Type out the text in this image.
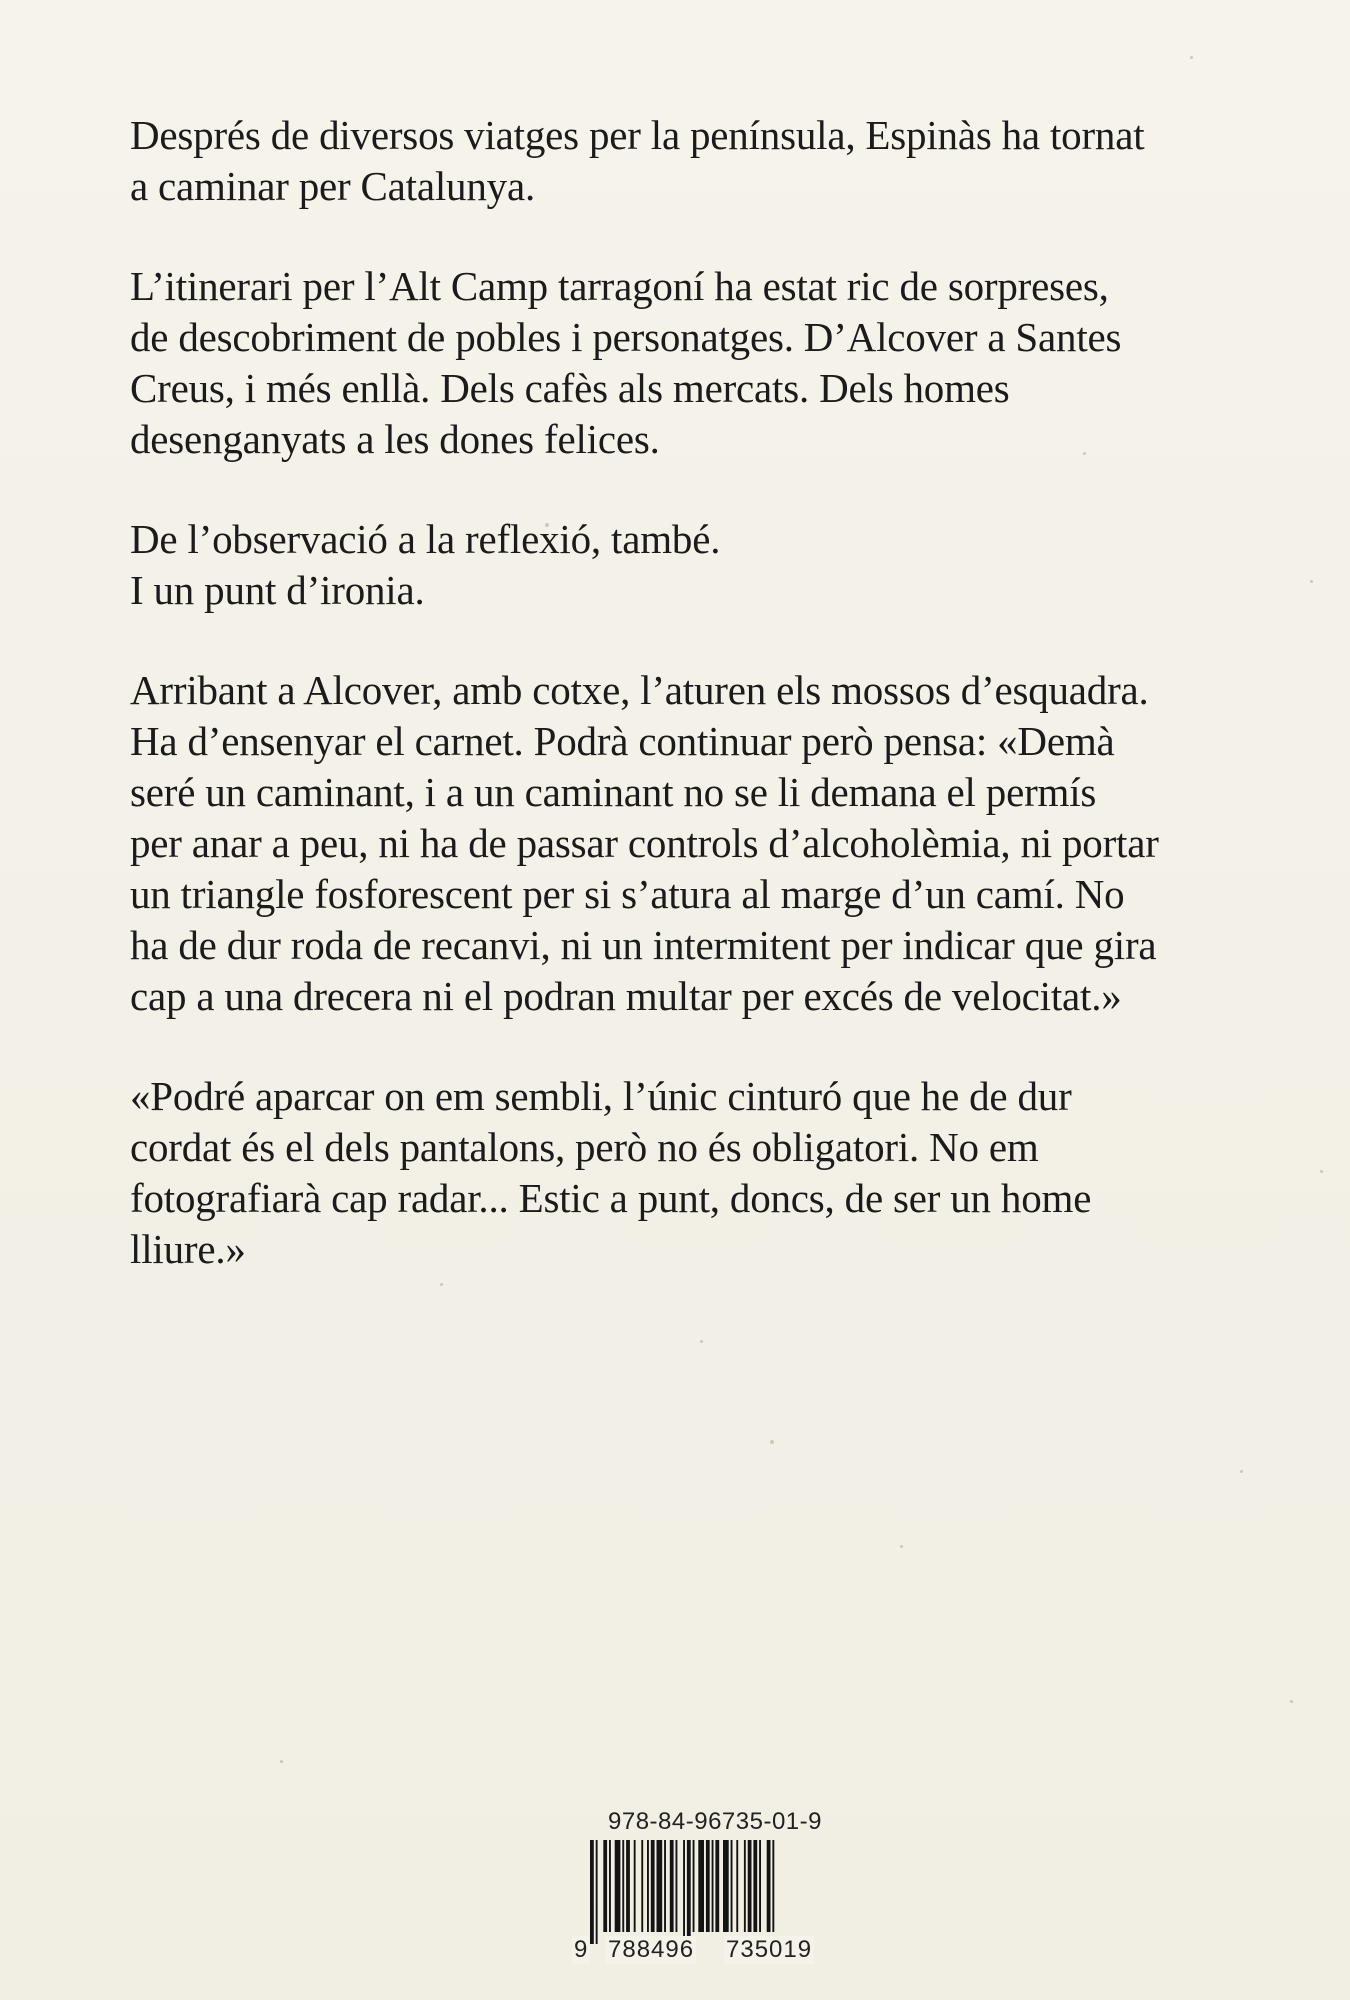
Després de diversos viatges per la península, Espinàs ha tornat
a caminar per Catalunya.

L’itinerari per l’Alt Camp tarragoní ha estat ric de sorpreses,
de descobriment de pobles i personatges. D’Alcover a Santes
Creus, i més enllà. Dels cafès als mercats. Dels homes
desenganyats a les dones felices.

De l’observació a la reflexió, també.
I un punt d’ironia.

Arribant a Alcover, amb cotxe, l’aturen els mossos d’esquadra.
Ha d’ensenyar el carnet. Podrà continuar però pensa: «Demà
seré un caminant, i a un caminant no se li demana el permís
per anar a peu, ni ha de passar controls d’alcoholèmia, ni portar
un triangle fosforescent per si s’atura al marge d’un camí. No
ha de dur roda de recanvi, ni un intermitent per indicar que gira
cap a una drecera ni el podran multar per excés de velocitat.»

«Podré aparcar on em sembli, l’únic cinturó que he de dur
cordat és el dels pantalons, però no és obligatori. No em
fotografiarà cap radar... Estic a punt, doncs, de ser un home
lliure.»

978-84-96735-01-9
9 788496 735019
